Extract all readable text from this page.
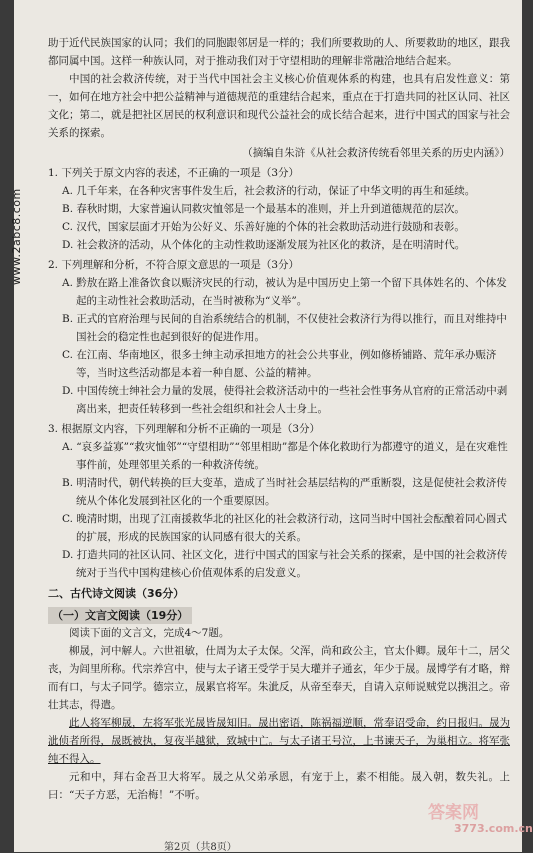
www.2abc8.com

助于近代民族国家的认同；我们的同胞跟邻居是一样的；我们所要救助的人、所要救助的地区，跟我都同属中国。这样一种族认同，对于推动我们对于守望相助的理解非常融洽地结合起来。

中国的社会救济传统，对于当代中国社会主义核心价值观体系的构建，也具有启发性意义：第一，如何在地方社会中把公益精神与道德规范的重建结合起来，重点在于打造共同的社区认同、社区文化；第二，就是把社区居民的权利意识和现代公益社会的成长结合起来，进行中国式的国家与社会关系的探索。

（摘编自朱浒《从社会救济传统看邻里关系的历史内涵》）

1. 下列关于原文内容的表述，不正确的一项是（3分）

A. 几千年来，在各种灾害事件发生后，社会救济的行动，保证了中华文明的再生和延续。

B. 春秋时期，大家普遍认同救灾恤邻是一个最基本的准则，并上升到道德规范的层次。

C. 汉代，国家层面才开始为公好义、乐善好施的个体的社会救助活动进行鼓励和表彰。

D. 社会救济的活动，从个体化的主动性救助逐渐发展为社区化的救济，是在明清时代。

2. 下列理解和分析，不符合原文意思的一项是（3分）

A. 黔敖在路上准备饮食以赈济灾民的行动，被认为是中国历史上第一个留下具体姓名的、个体发起的主动性社会救助活动，在当时被称为“义举”。

B. 正式的官府治理与民间的自治系统结合的机制，不仅使社会救济行为得以推行，而且对维持中国社会的稳定性也起到很好的促进作用。

C. 在江南、华南地区，很多士绅主动承担地方的社会公共事业，例如修桥铺路、荒年承办赈济等，当时这些活动都是本着一种自愿、公益的精神。

D. 中国传统士绅社会力量的发展，使得社会救济活动中的一些社会性事务从官府的正常活动中剥离出来，把责任转移到一些社会组织和社会人士身上。

3. 根据原文内容，下列理解和分析不正确的一项是（3分）

A. “哀多益寡”“救灾恤邻”“守望相助”“邻里相助”都是个体化救助行为都遵守的道义，是在灾难性事件前，处理邻里关系的一种救济传统。

B. 明清时代，朝代转换的巨大变革，造成了当时社会基层结构的严重断裂，这是促使社会救济传统从个体化发展到社区化的一个重要原因。

C. 晚清时期，出现了江南援救华北的社区化的社会救济行动，这同当时中国社会酝酿着同心圆式的扩展，形成的民族国家的认同感有很大的关系。

D. 打造共同的社区认同、社区文化，进行中国式的国家与社会关系的探索，是中国的社会救济传统对于当代中国构建核心价值观体系的启发意义。

二、古代诗文阅读（36分）

（一）文言文阅读（19分）

阅读下面的文言文，完成4～7题。

柳晟，河中解人。六世祖敏，仕周为太子太保。父浑，尚和政公主，官太仆卿。晟年十二，居父丧，为闾里所称。代宗养宫中，使与太子诸王受学于吴大瓘并子通玄，年少于晟。晟博学有才略，辩而有口，与太子同学。德宗立，晟累官将军。朱泚反，从帝至奉天，自请入京师说贼党以携沮之。帝壮其志，得遣。

此人将军柳晟，左将军张光晟皆晟知旧。晟出密语，陈祸福逆顺，常奉诏受命，约日报归。晟为泚侦者所得，晟既被执，复夜半越狱，致城中亡。与太子诸王号泣，上书谏天子，为巢相立。将军张纯不得入。

元和中，拜右金吾卫大将军。晟之从父弟承恩，有宠于上，素不相能。晟入朝，数失礼。上曰：“天子方恶，无治梅！”不听。

第2页（共8页）
答案网
3773.com.cn
